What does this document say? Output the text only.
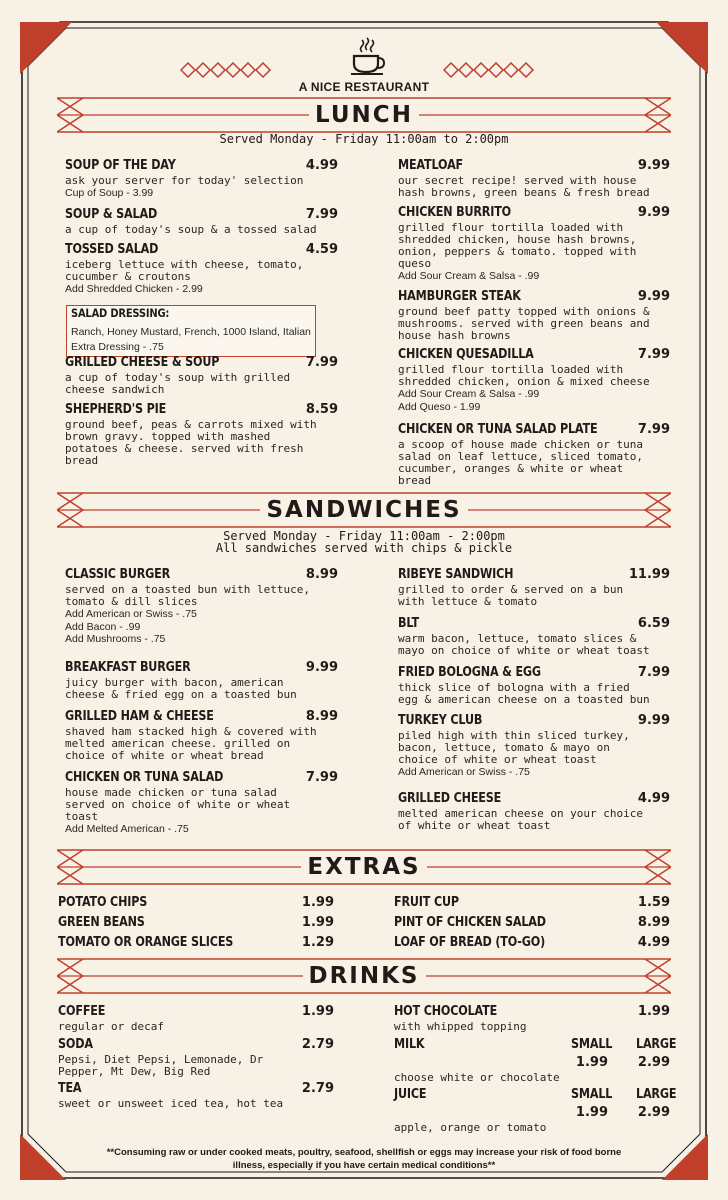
A NICE RESTAURANT
LUNCH
Served Monday - Friday 11:00am to 2:00pm
SOUP OF THE DAY	4.99
ask your server for today' selection
Cup of Soup - 3.99
SOUP & SALAD	7.99
a cup of today's soup & a tossed salad
TOSSED SALAD	4.59
iceberg lettuce with cheese, tomato,
cucumber & croutons
Add Shredded Chicken - 2.99
GRILLED CHEESE & SOUP	7.99
a cup of today's soup with grilled
cheese sandwich
SHEPHERD'S PIE	8.59
ground beef, peas & carrots mixed with
brown gravy. topped with mashed
potatoes & cheese. served with fresh
bread
MEATLOAF	9.99
our secret recipe! served with house
hash browns, green beans & fresh bread
CHICKEN BURRITO	9.99
grilled flour tortilla loaded with
shredded chicken, house hash browns,
onion, peppers & tomato. topped with
queso
Add Sour Cream & Salsa - .99
HAMBURGER STEAK	9.99
ground beef patty topped with onions &
mushrooms. served with green beans and
house hash browns
CHICKEN QUESADILLA	7.99
grilled flour tortilla loaded with
shredded chicken, onion & mixed cheese
Add Sour Cream & Salsa - .99
Add Queso - 1.99
CHICKEN OR TUNA SALAD PLATE	7.99
a scoop of house made chicken or tuna
salad on leaf lettuce, sliced tomato,
cucumber, oranges & white or wheat
bread
SALAD DRESSING:
Ranch, Honey Mustard, French, 1000 Island, Italian
Extra Dressing - .75
SANDWICHES
Served Monday - Friday 11:00am - 2:00pm
All sandwiches served with chips & pickle
CLASSIC BURGER	8.99
served on a toasted bun with lettuce,
tomato & dill slices
Add American or Swiss - .75
Add Bacon - .99
Add Mushrooms - .75
BREAKFAST BURGER	9.99
juicy burger with bacon, american
cheese & fried egg on a toasted bun
GRILLED HAM & CHEESE	8.99
shaved ham stacked high & covered with
melted american cheese. grilled on
choice of white or wheat bread
CHICKEN OR TUNA SALAD	7.99
house made chicken or tuna salad
served on choice of white or wheat
toast
Add Melted American - .75
RIBEYE SANDWICH	11.99
grilled to order & served on a bun
with lettuce & tomato
BLT	6.59
warm bacon, lettuce, tomato slices &
mayo on choice of white or wheat toast
FRIED BOLOGNA & EGG	7.99
thick slice of bologna with a fried
egg & american cheese on a toasted bun
TURKEY CLUB	9.99
piled high with thin sliced turkey,
bacon, lettuce, tomato & mayo on
choice of white or wheat toast
Add American or Swiss - .75
GRILLED CHEESE	4.99
melted american cheese on your choice
of white or wheat toast
EXTRAS
POTATO CHIPS	1.99
GREEN BEANS	1.99
TOMATO OR ORANGE SLICES	1.29
FRUIT CUP	1.59
PINT OF CHICKEN SALAD	8.99
LOAF OF BREAD (TO-GO)	4.99
DRINKS
COFFEE	1.99
regular or decaf
SODA	2.79
Pepsi, Diet Pepsi, Lemonade, Dr
Pepper, Mt Dew, Big Red
TEA	2.79
sweet or unsweet iced tea, hot tea
HOT CHOCOLATE	1.99
with whipped topping
MILK	SMALL LARGE
1.99	2.99
choose white or chocolate
JUICE	SMALL LARGE
1.99	2.99
apple, orange or tomato
**Consuming raw or under cooked meats, poultry, seafood, shellfish or eggs may increase your risk of food borne illness, especially if you have certain medical conditions**
